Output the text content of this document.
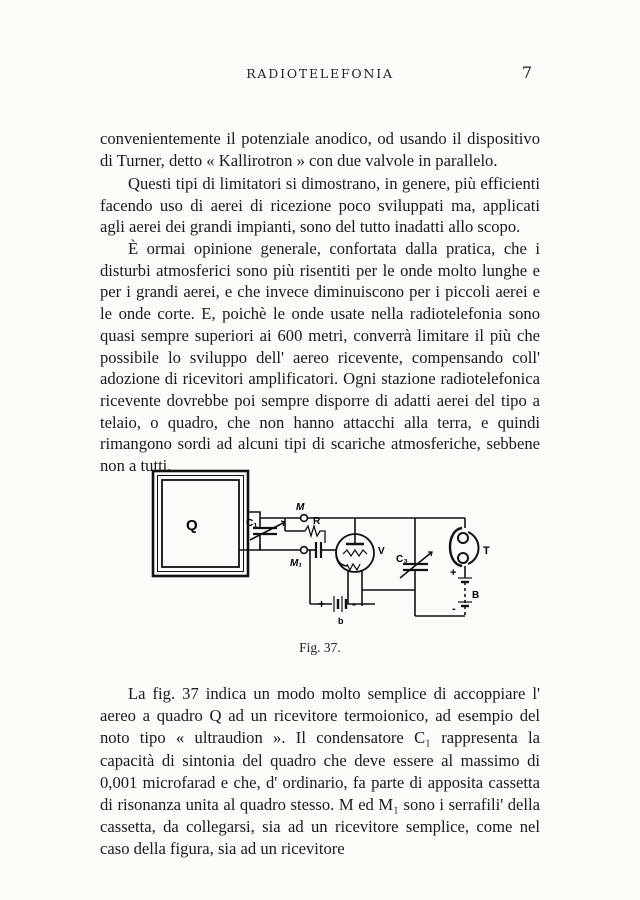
RADIOTELEFONIA	7
convenientemente il potenziale anodico, od usando il dispositivo di Turner, detto « Kallirotron » con due valvole in parallelo.
Questi tipi di limitatori si dimostrano, in genere, più efficienti facendo uso di aerei di ricezione poco sviluppati ma, applicati agli aerei dei grandi impianti, sono del tutto inadatti allo scopo.
È ormai opinione generale, confortata dalla pratica, che i disturbi atmosferici sono più risentiti per le onde molto lunghe e per i grandi aerei, e che invece diminuiscono per i piccoli aerei e le onde corte. E, poichè le onde usate nella radiotelefonia sono quasi sempre superiori ai 600 metri, converrà limitare il più che possibile lo sviluppo dell' aereo ricevente, compensando coll' adozione di ricevitori amplificatori. Ogni stazione radiotelefonica ricevente dovrebbe poi sempre disporre di adatti aerei del tipo a telaio, o quadro, che non hanno attacchi alla terra, e quindi rimangono sordi ad alcuni tipi di scariche atmosferiche, sebbene non a tutti.
Q	C₁
M
M₁
R
V
C₃
T
B
b
+ -
+
-
Fig. 37.
La fig. 37 indica un modo molto semplice di accoppiare l' aereo a quadro Q ad un ricevitore termoionico, ad esempio del noto tipo « ultraudion ». Il condensatore C₁ rappresenta la capacità di sintonia del quadro che deve essere al massimo di 0,001 microfarad e che, d' ordinario, fa parte di apposita cassetta di risonanza unita al quadro stesso. M ed M₁ sono i serrafili' della cassetta, da collegarsi, sia ad un ricevitore semplice, come nel caso della figura, sia ad un ricevitore
